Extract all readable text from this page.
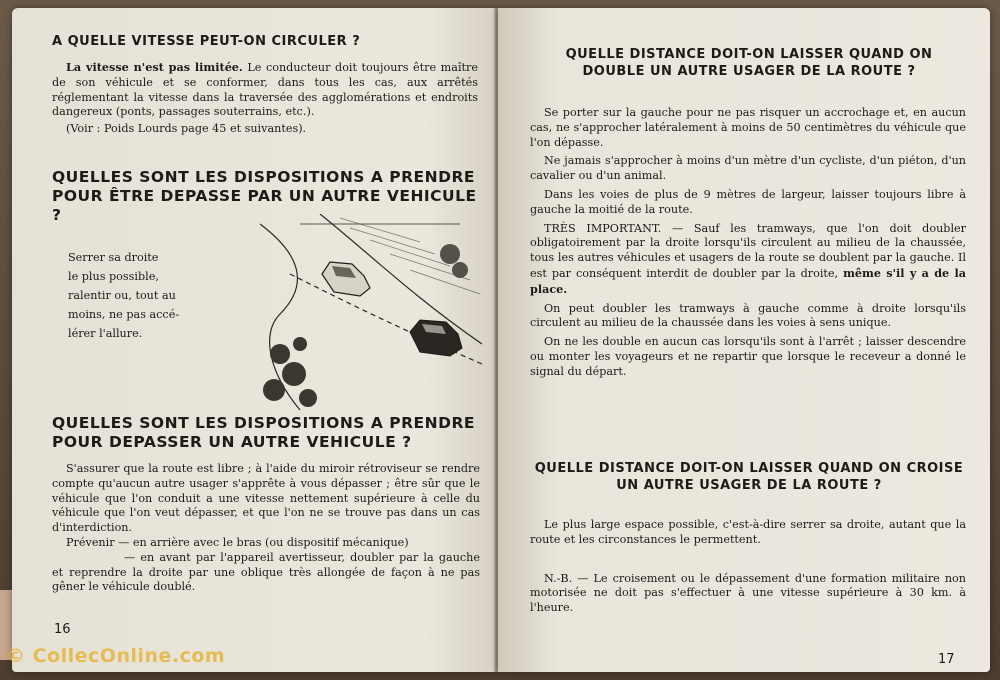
A QUELLE VITESSE PEUT-ON CIRCULER ?

La vitesse n'est pas limitée. Le conducteur doit toujours être maître de son véhicule et se conformer, dans tous les cas, aux arrêtés réglementant la vitesse dans la traversée des agglomérations et endroits dangereux (ponts, passages souterrains, etc.).

(Voir : Poids Lourds page 45 et suivantes).

QUELLES SONT LES DISPOSITIONS A PRENDRE POUR ÊTRE DEPASSE PAR UN AUTRE VEHICULE ?
Serrer sa droite
le plus possible,
ralentir ou, tout au
moins, ne pas accé-
lérer l'allure.
QUELLES SONT LES DISPOSITIONS A PRENDRE POUR DEPASSER UN AUTRE VEHICULE ?

S'assurer que la route est libre ; à l'aide du miroir rétroviseur se rendre compte qu'aucun autre usager s'apprête à vous dépasser ; être sûr que le véhicule que l'on conduit a une vitesse nettement supérieure à celle du véhicule que l'on veut dépasser, et que l'on ne se trouve pas dans un cas d'interdiction.

Prévenir — en arrière avec le bras (ou dispositif mécanique)

— en avant par l'appareil avertisseur, doubler par la gauche et reprendre la droite par une oblique très allongée de façon à ne pas gêner le véhicule doublé.

16
QUELLE DISTANCE DOIT-ON LAISSER QUAND ON DOUBLE UN AUTRE USAGER DE LA ROUTE ?

Se porter sur la gauche pour ne pas risquer un accrochage et, en aucun cas, ne s'approcher latéralement à moins de 50 centimètres du véhicule que l'on dépasse.

Ne jamais s'approcher à moins d'un mètre d'un cycliste, d'un piéton, d'un cavalier ou d'un animal.

Dans les voies de plus de 9 mètres de largeur, laisser toujours libre à gauche la moitié de la route.

TRÈS IMPORTANT. — Sauf les tramways, que l'on doit doubler obligatoirement par la droite lorsqu'ils circulent au milieu de la chaussée, tous les autres véhicules et usagers de la route se doublent par la gauche. Il est par conséquent interdit de doubler par la droite, même s'il y a de la place.

On peut doubler les tramways à gauche comme à droite lorsqu'ils circulent au milieu de la chaussée dans les voies à sens unique.

On ne les double en aucun cas lorsqu'ils sont à l'arrêt ; laisser descendre ou monter les voyageurs et ne repartir que lorsque le receveur a donné le signal du départ.

QUELLE DISTANCE DOIT-ON LAISSER QUAND ON CROISE UN AUTRE USAGER DE LA ROUTE ?

Le plus large espace possible, c'est-à-dire serrer sa droite, autant que la route et les circonstances le permettent.

N.-B. — Le croisement ou le dépassement d'une formation militaire non motorisée ne doit pas s'effectuer à une vitesse supérieure à 30 km. à l'heure.

17
© CollecOnline.com
